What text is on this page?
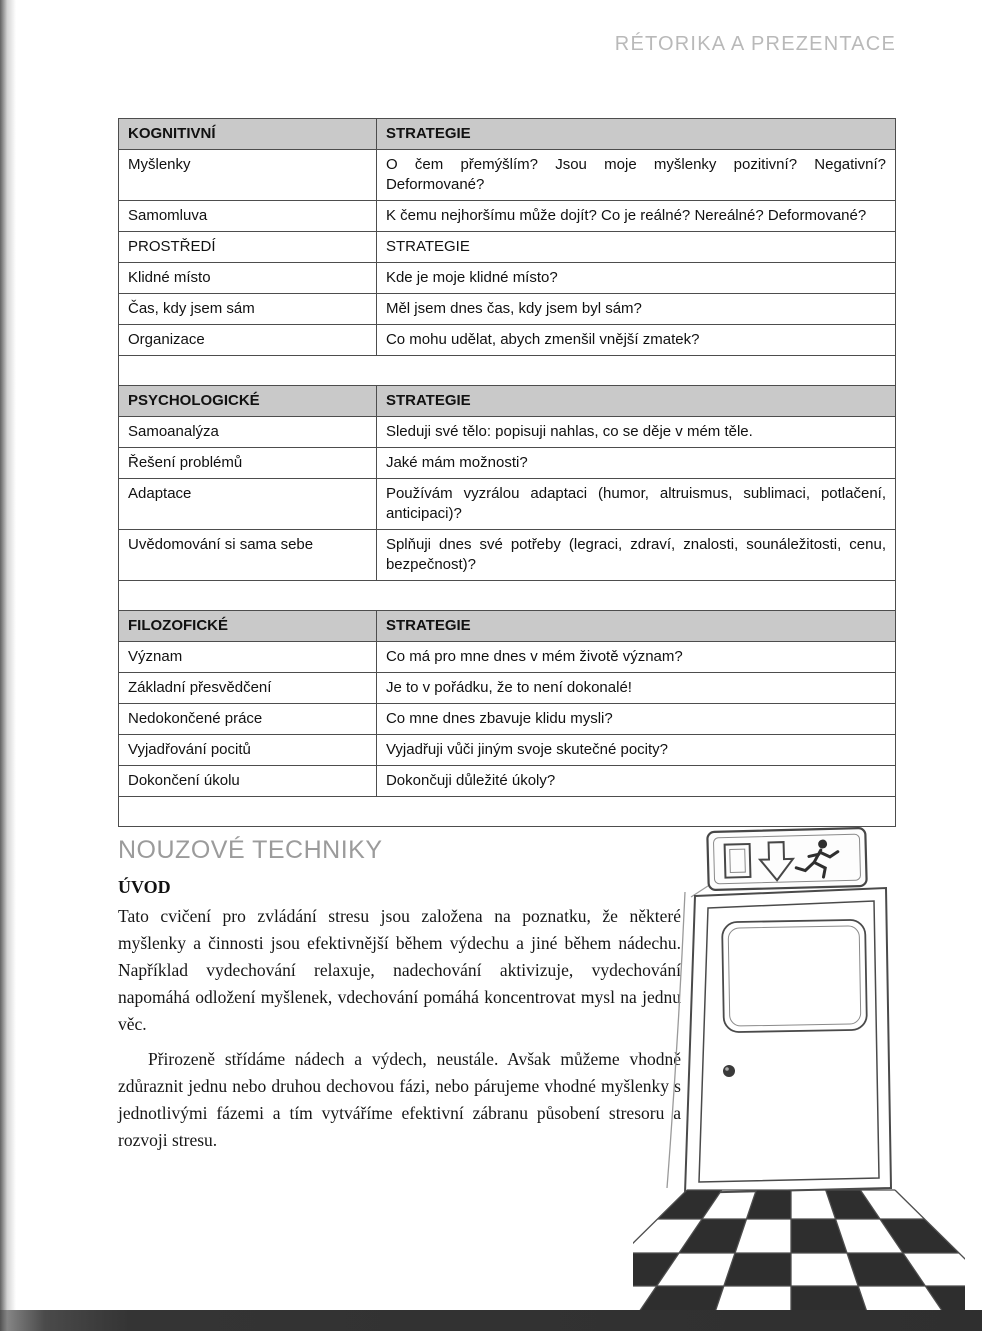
RÉTORIKA A PREZENTACE
KOGNITIVNÍ	STRATEGIE
Myšlenky	O čem přemýšlím? Jsou moje myšlenky pozitivní? Negativní? Deformované?
Samomluva	K čemu nejhoršímu může dojít? Co je reálné? Nereálné? Deformované?
PROSTŘEDÍ	STRATEGIE
Klidné místo	Kde je moje klidné místo?
Čas, kdy jsem sám	Měl jsem dnes čas, kdy jsem byl sám?
Organizace	Co mohu udělat, abych zmenšil vnější zmatek?

PSYCHOLOGICKÉ	STRATEGIE
Samoanalýza	Sleduji své tělo: popisuji nahlas, co se děje v mém těle.
Řešení problémů	Jaké mám možnosti?
Adaptace	Používám vyzrálou adaptaci (humor, altruismus, sublimaci, potlačení, anticipaci)?
Uvědomování si sama sebe	Splňuji dnes své potřeby (legraci, zdraví, znalosti, sounáležitosti, cenu, bezpečnost)?

FILOZOFICKÉ	STRATEGIE
Význam	Co má pro mne dnes v mém životě význam?
Základní přesvědčení	Je to v pořádku, že to není dokonalé!
Nedokončené práce	Co mne dnes zbavuje klidu mysli?
Vyjadřování pocitů	Vyjadřuji vůči jiným svoje skutečné pocity?
Dokončení úkolu	Dokončuji důležité úkoly?

NOUZOVÉ TECHNIKY
ÚVOD

Tato cvičení pro zvládání stresu jsou založena na poznatku, že některé myšlenky a činnosti jsou efektivnější během výdechu a jiné během nádechu. Například vydechování relaxuje, nadechování aktivizuje, vydechování napomáhá odložení myšlenek, vdechování pomáhá koncentrovat mysl na jednu věc.

Přirozeně střídáme nádech a výdech, neustále. Avšak můžeme vhodně zdůraznit jednu nebo druhou dechovou fázi, nebo párujeme vhodné myšlenky s jednotlivými fázemi a tím vytváříme efektivní zábranu působení stresoru a rozvoji stresu.
